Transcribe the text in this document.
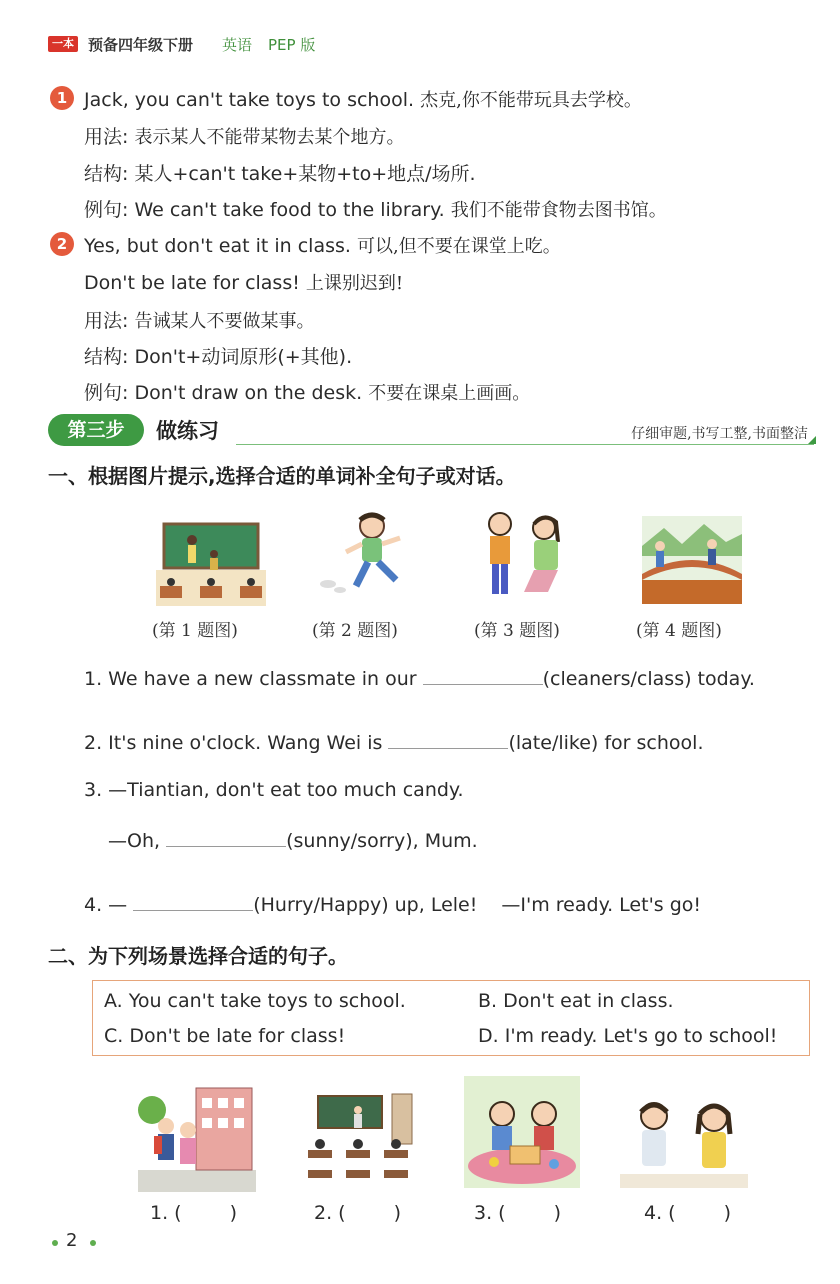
一本 预备四年级下册 英语 PEP 版
1 Jack, you can't take toys to school. 杰克,你不能带玩具去学校。
用法: 表示某人不能带某物去某个地方。
结构: 某人+can't take+某物+to+地点/场所.
例句: We can't take food to the library. 我们不能带食物去图书馆。
2 Yes, but don't eat it in class. 可以,但不要在课堂上吃。
Don't be late for class! 上课别迟到!
用法: 告诫某人不要做某事。
结构: Don't+动词原形(+其他).
例句: Don't draw on the desk. 不要在课桌上画画。
第三步	做练习	仔细审题,书写工整,书面整洁
一、根据图片提示,选择合适的单词补全句子或对话。
(第 1 题图)	(第 2 题图)	(第 3 题图)	(第 4 题图)
1. We have a new classmate in our	(cleaners/class) today.
2. It's nine o'clock. Wang Wei is	(late/like) for school.
3. —Tiantian, don't eat too much candy.
—Oh,	(sunny/sorry), Mum.
4. —	(Hurry/Happy) up, Lele! —I'm ready. Let's go!
二、为下列场景选择合适的句子。
A. You can't take toys to school.	B. Don't eat in class.
C. Don't be late for class!	D. I'm ready. Let's go to school!
1. (	)	2. (	)	3. (	)	4. (	)
2
